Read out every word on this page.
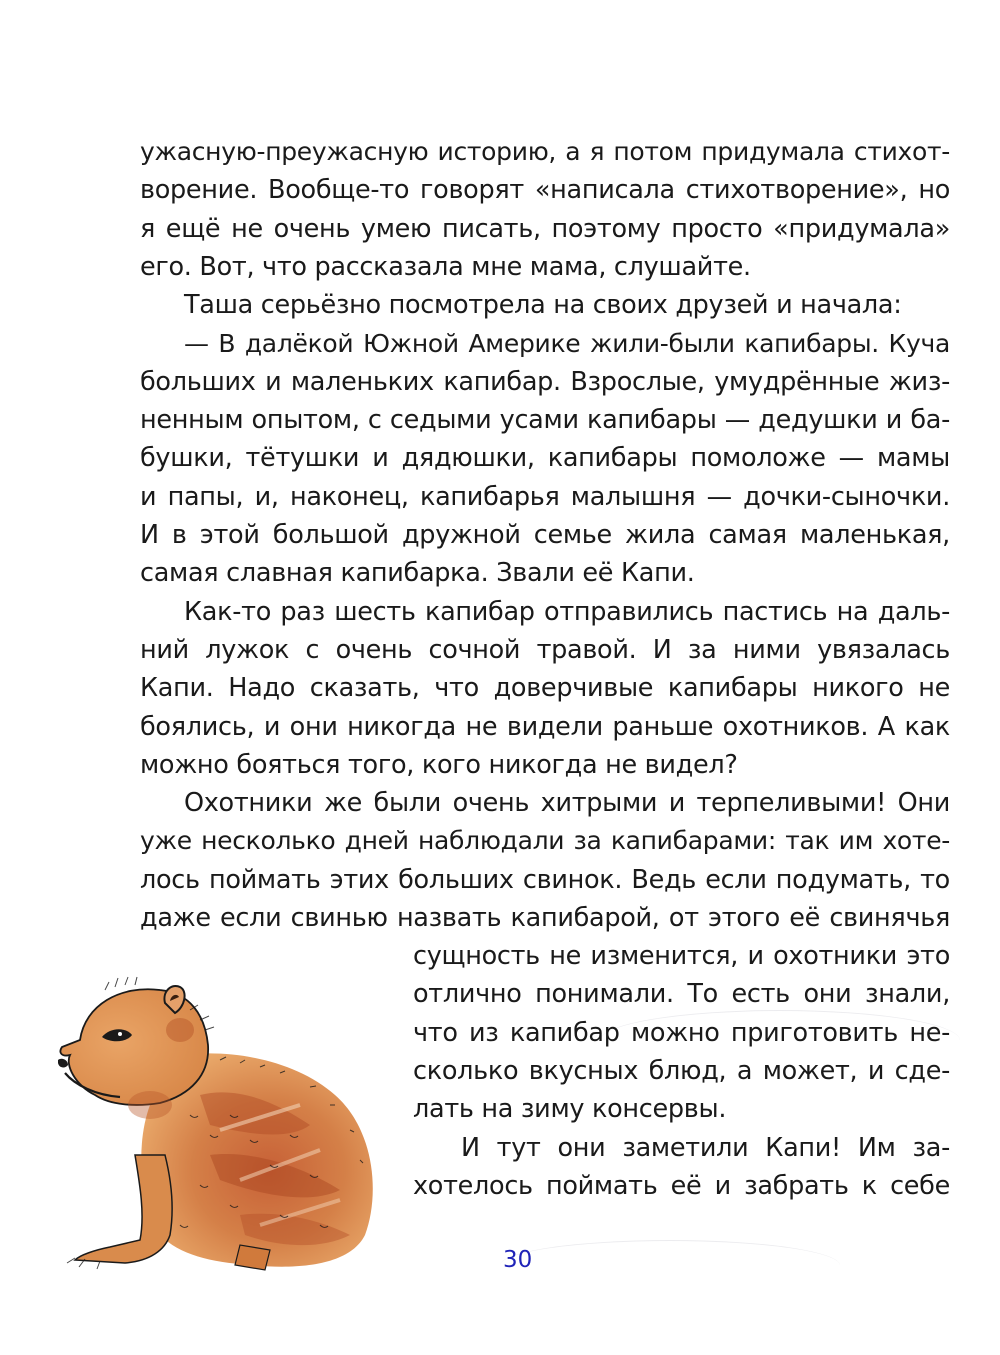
ужасную-преужасную историю, а я потом придумала стихот-
ворение. Вообще-то говорят «написала стихотворение», но
я ещё не очень умею писать, поэтому просто «придумала»
его. Вот, что рассказала мне мама, слушайте.
Таша серьёзно посмотрела на своих друзей и начала:
— В далёкой Южной Америке жили-были капибары. Куча
больших и маленьких капибар. Взрослые, умудрённые жиз-
ненным опытом, с седыми усами капибары — дедушки и ба-
бушки, тётушки и дядюшки, капибары помоложе — мамы
и папы, и, наконец, капибарья малышня — дочки-сыночки.
И в этой большой дружной семье жила самая маленькая,
самая славная капибарка. Звали её Капи.
Как-то раз шесть капибар отправились пастись на даль-
ний лужок с очень сочной травой. И за ними увязалась
Капи. Надо сказать, что доверчивые капибары никого не
боялись, и они никогда не видели раньше охотников. А как
можно бояться того, кого никогда не видел?
Охотники же были очень хитрыми и терпеливыми! Они
уже несколько дней наблюдали за капибарами: так им хоте-
лось поймать этих больших свинок. Ведь если подумать, то
даже если свинью назвать капибарой, от этого её свинячья
сущность не изменится, и охотники это
отлично понимали. То есть они знали,
что из капибар можно приготовить не-
сколько вкусных блюд, а может, и сде-
лать на зиму консервы.
И тут они заметили Капи! Им за-
хотелось поймать её и забрать к себе
30
